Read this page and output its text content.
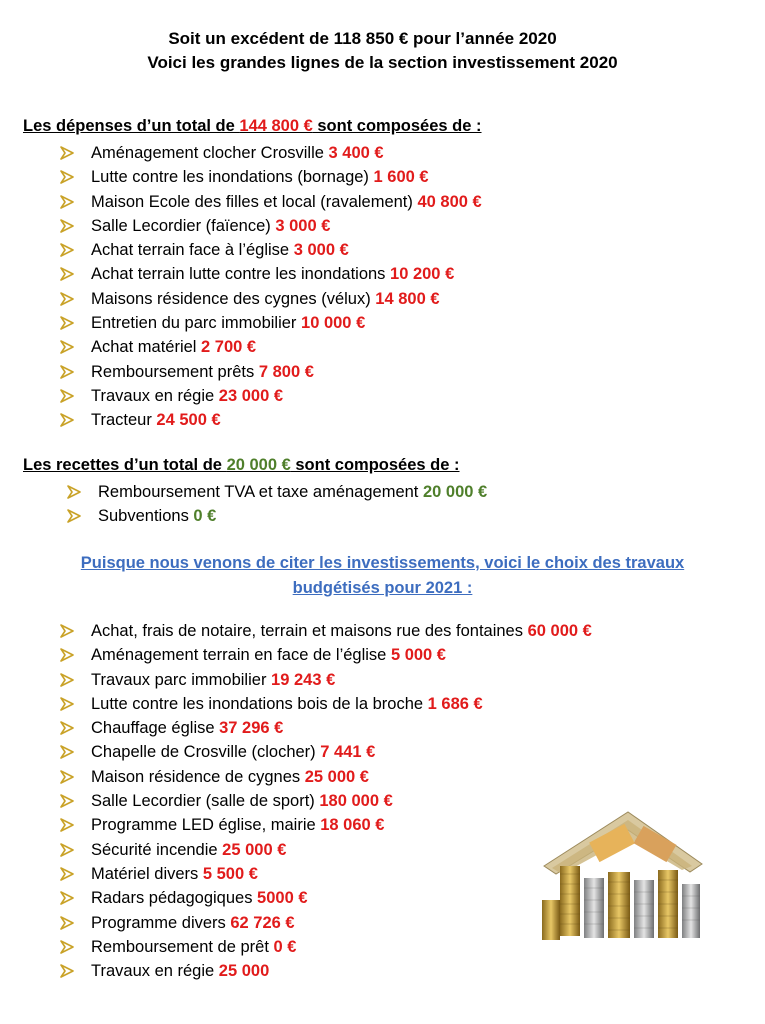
Soit un excédent de 118 850 € pour l’année 2020
Voici les grandes lignes de la section investissement 2020
Les dépenses d’un total de 144 800 € sont composées de :
Aménagement clocher Crosville 3 400 €
Lutte contre les inondations (bornage) 1 600 €
Maison Ecole des filles et local (ravalement) 40 800 €
Salle Lecordier (faïence) 3 000 €
Achat terrain face à l’église 3 000 €
Achat terrain lutte contre les inondations 10 200 €
Maisons résidence des cygnes (vélux) 14 800 €
Entretien du parc immobilier 10 000 €
Achat matériel 2 700 €
Remboursement prêts 7 800 €
Travaux en régie 23 000 €
Tracteur 24 500 €
Les recettes d’un total de 20 000 € sont composées de :
Remboursement TVA et taxe aménagement 20 000 €
Subventions 0 €
Puisque nous venons de citer les investissements, voici le choix des travaux
budgétisés pour 2021 :
Achat, frais de notaire, terrain et maisons rue des fontaines 60 000 €
Aménagement terrain en face de l’église 5 000 €
Travaux parc immobilier 19 243 €
Lutte contre les inondations bois de la broche 1 686 €
Chauffage église 37 296 €
Chapelle de Crosville (clocher) 7 441 €
Maison résidence de cygnes 25 000 €
Salle Lecordier (salle de sport) 180 000 €
Programme LED église, mairie 18 060 €
Sécurité incendie 25 000 €
Matériel divers 5 500 €
Radars pédagogiques 5000 €
Programme divers 62 726 €
Remboursement de prêt 0 €
Travaux en régie 25 000
